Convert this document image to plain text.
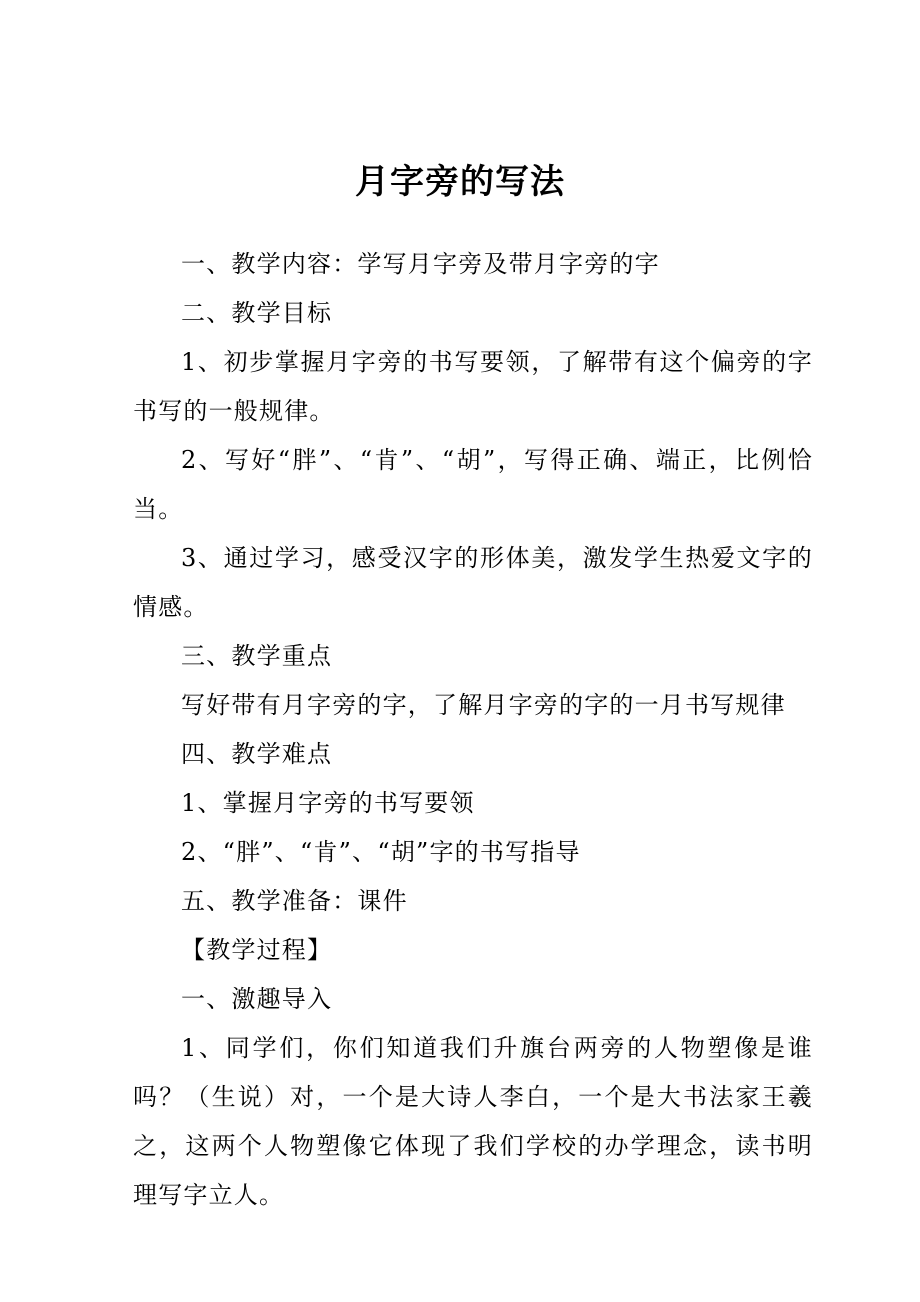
月字旁的写法

一、教学内容：学写月字旁及带月字旁的字

二、教学目标

1、初步掌握月字旁的书写要领，了解带有这个偏旁的字书写的一般规律。

2、写好“胖”、“肯”、“胡”，写得正确、端正，比例恰当。

3、通过学习，感受汉字的形体美，激发学生热爱文字的情感。

三、教学重点

写好带有月字旁的字，了解月字旁的字的一月书写规律

四、教学难点

1、掌握月字旁的书写要领

2、“胖”、“肯”、“胡”字的书写指导

五、教学准备：课件

【教学过程】

一、激趣导入

1、同学们，你们知道我们升旗台两旁的人物塑像是谁吗？（生说）对，一个是大诗人李白，一个是大书法家王羲之，这两个人物塑像它体现了我们学校的办学理念，读书明理写字立人。
